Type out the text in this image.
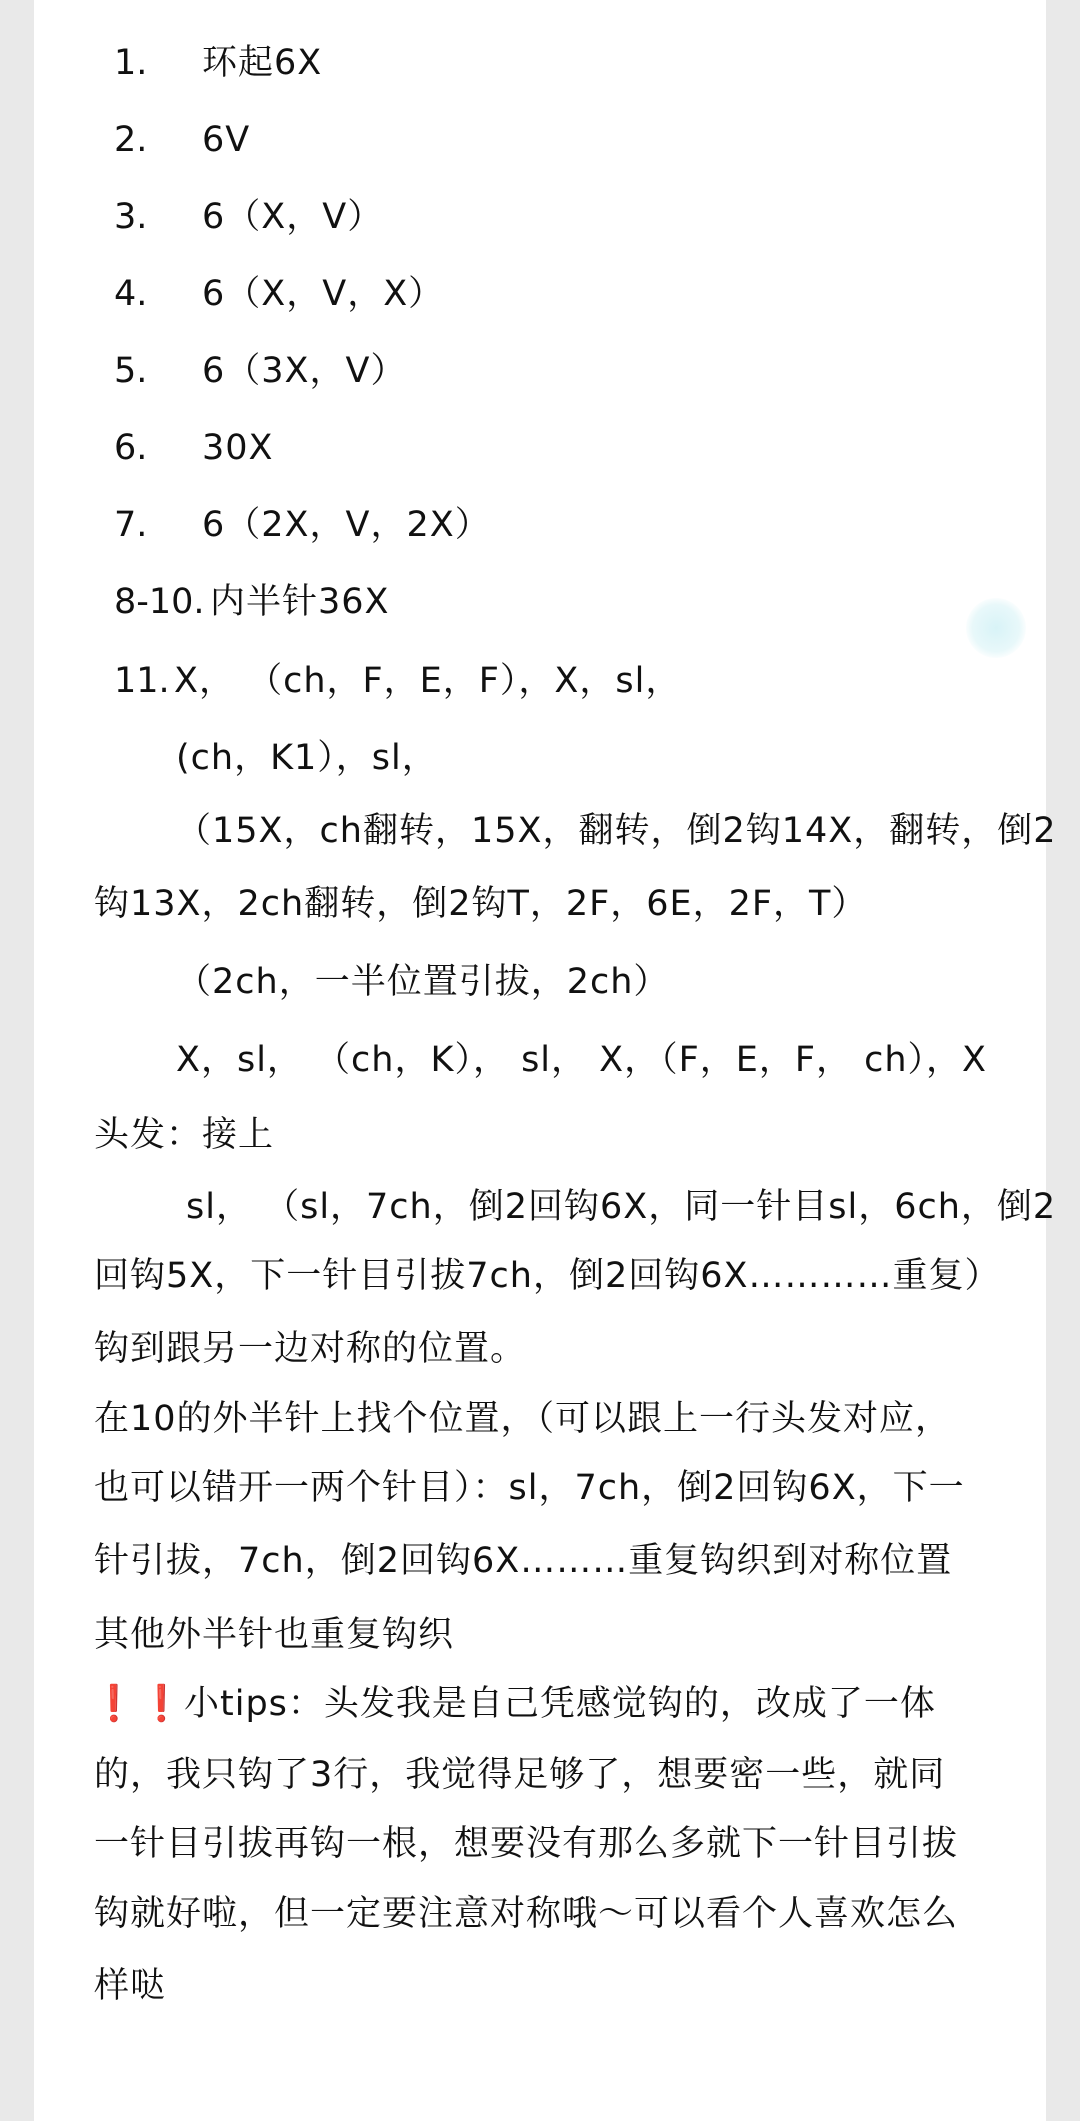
1. 环起6X
2. 6V
3. 6（X，V）
4. 6（X，V，X）
5. 6（3X，V）
6. 30X
7. 6（2X，V，2X）
8-10. 内半针36X
11. X， （ch，F，E，F），X，sl，
(ch，K1），sl，
（15X，ch翻转，15X，翻转，倒2钩14X，翻转，倒2
钩13X，2ch翻转，倒2钩T，2F，6E，2F，T）
（2ch，一半位置引拔，2ch）
X，sl， （ch，K）， sl， X，（F，E，F， ch），X
头发：接上
sl， （sl，7ch，倒2回钩6X，同一针目sl，6ch，倒2
回钩5X，下一针目引拔7ch，倒2回钩6X…………重复）
钩到跟另一边对称的位置。
在10的外半针上找个位置，（可以跟上一行头发对应，
也可以错开一两个针目）：sl，7ch，倒2回钩6X，下一
针引拔，7ch，倒2回钩6X………重复钩织到对称位置
其他外半针也重复钩织
❗❗
小tips：头发我是自己凭感觉钩的，改成了一体
的，我只钩了3行，我觉得足够了，想要密一些，就同
一针目引拔再钩一根，想要没有那么多就下一针目引拔
钩就好啦，但一定要注意对称哦～可以看个人喜欢怎么
样哒
